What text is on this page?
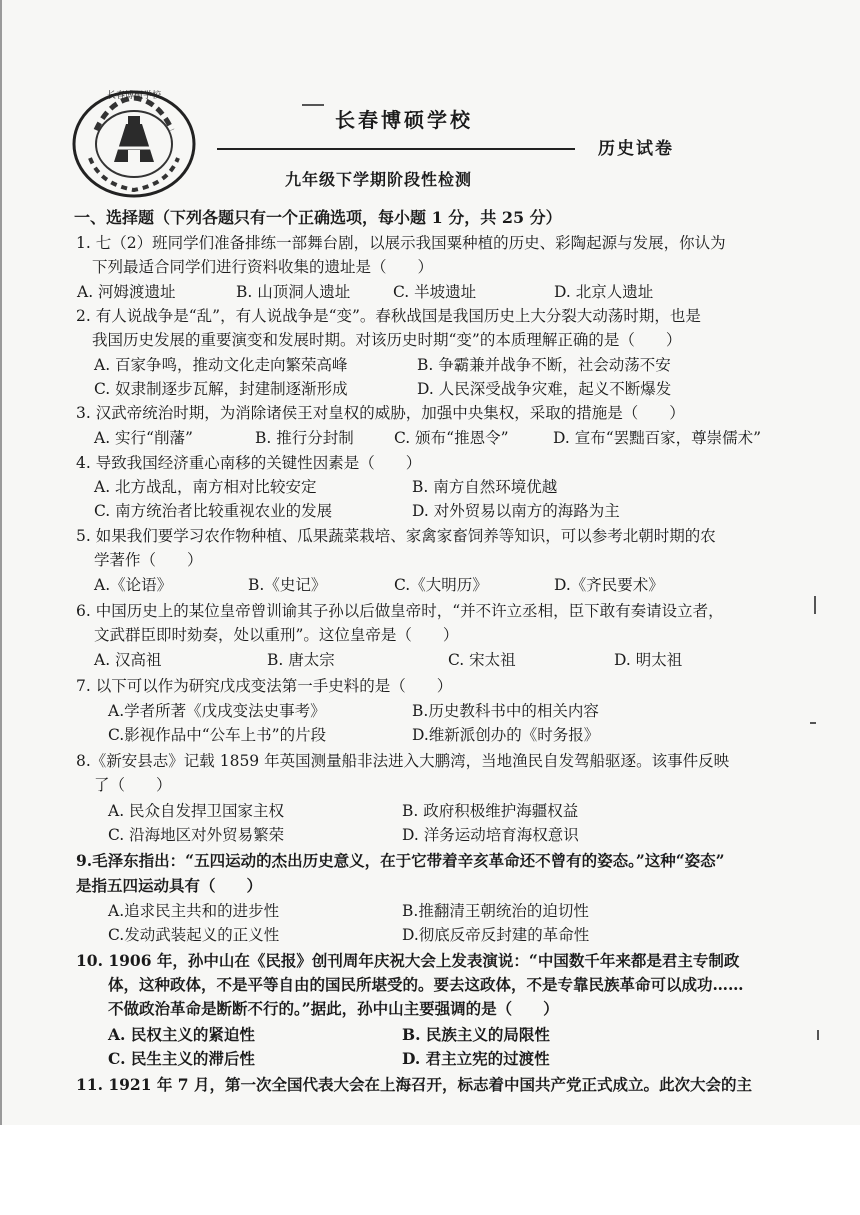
长春博硕学校
长春博硕学校
历史试卷
九年级下学期阶段性检测
一、选择题（下列各题只有一个正确选项，每小题 1 分，共 25 分）
1. 七（2）班同学们准备排练一部舞台剧，以展示我国粟种植的历史、彩陶起源与发展，你认为
下列最适合同学们进行资料收集的遗址是（　　）
A. 河姆渡遗址	B. 山顶洞人遗址	C. 半坡遗址	D. 北京人遗址
2. 有人说战争是“乱”，有人说战争是“变”。春秋战国是我国历史上大分裂大动荡时期，也是
我国历史发展的重要演变和发展时期。对该历史时期“变”的本质理解正确的是（　　）
A. 百家争鸣，推动文化走向繁荣高峰	B. 争霸兼并战争不断，社会动荡不安
C. 奴隶制逐步瓦解，封建制逐渐形成	D. 人民深受战争灾难，起义不断爆发
3. 汉武帝统治时期，为消除诸侯王对皇权的威胁，加强中央集权，采取的措施是（　　）
A. 实行“削藩”	B. 推行分封制	C. 颁布“推恩令”	D. 宣布“罢黜百家，尊崇儒术”
4. 导致我国经济重心南移的关键性因素是（　　）
A. 北方战乱，南方相对比较安定	B. 南方自然环境优越
C. 南方统治者比较重视农业的发展	D. 对外贸易以南方的海路为主
5. 如果我们要学习农作物种植、瓜果蔬菜栽培、家禽家畜饲养等知识，可以参考北朝时期的农
学著作（　　）
A.《论语》	B.《史记》	C.《大明历》	D.《齐民要术》
6. 中国历史上的某位皇帝曾训谕其子孙以后做皇帝时，“并不许立丞相，臣下敢有奏请设立者，
文武群臣即时劾奏，处以重刑”。这位皇帝是（　　）
A. 汉高祖	B. 唐太宗	C. 宋太祖	D. 明太祖
7. 以下可以作为研究戊戌变法第一手史料的是（　　）
A.学者所著《戊戌变法史事考》	B.历史教科书中的相关内容
C.影视作品中“公车上书”的片段	D.维新派创办的《时务报》
8.《新安县志》记载 1859 年英国测量船非法进入大鹏湾，当地渔民自发驾船驱逐。该事件反映
了（　　）
A. 民众自发捍卫国家主权	B. 政府积极维护海疆权益
C. 沿海地区对外贸易繁荣	D. 洋务运动培育海权意识
9.毛泽东指出：“五四运动的杰出历史意义，在于它带着辛亥革命还不曾有的姿态。”这种“姿态”
是指五四运动具有（　　）
A.追求民主共和的进步性	B.推翻清王朝统治的迫切性
C.发动武装起义的正义性	D.彻底反帝反封建的革命性
10. 1906 年，孙中山在《民报》创刊周年庆祝大会上发表演说：“中国数千年来都是君主专制政
体，这种政体，不是平等自由的国民所堪受的。要去这政体，不是专靠民族革命可以成功……
不做政治革命是断断不行的。”据此，孙中山主要强调的是（　　）
A. 民权主义的紧迫性	B. 民族主义的局限性
C. 民生主义的滞后性	D. 君主立宪的过渡性
11. 1921 年 7 月，第一次全国代表大会在上海召开，标志着中国共产党正式成立。此次大会的主
